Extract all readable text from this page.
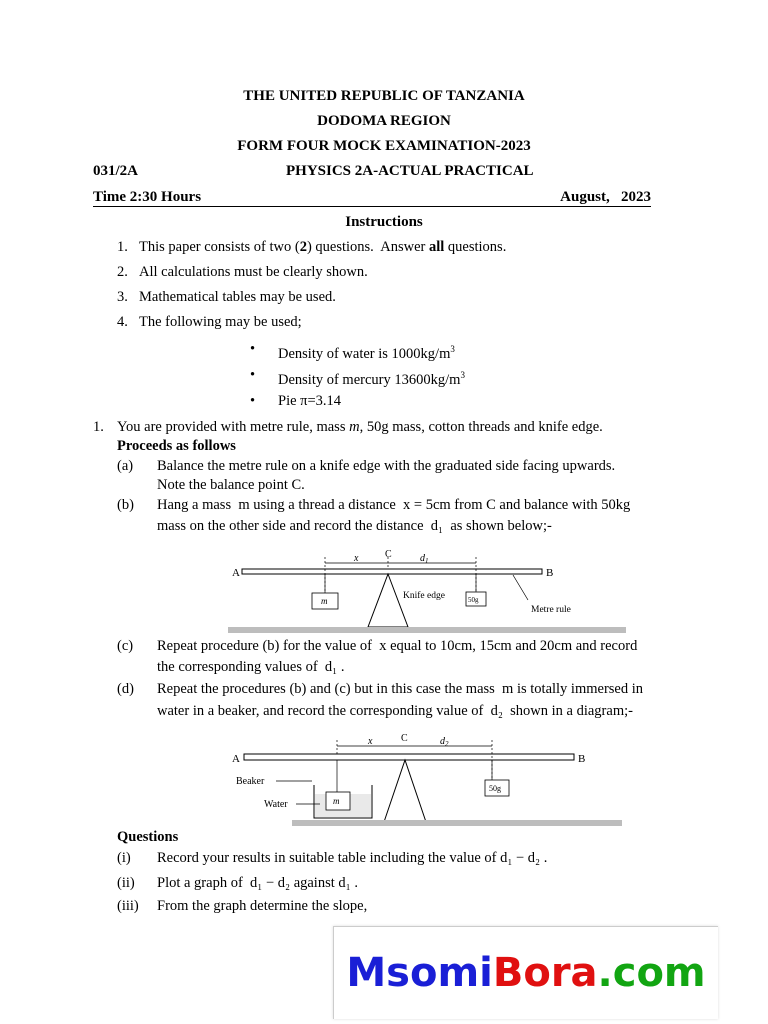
THE UNITED REPUBLIC OF TANZANIA
DODOMA REGION
FORM FOUR MOCK EXAMINATION-2023
031/2A	PHYSICS 2A-ACTUAL PRACTICAL
Time 2:30 Hours	August,   2023
Instructions
1. This paper consists of two (2) questions.  Answer all questions.
2. All calculations must be clearly shown.
3. Mathematical tables may be used.
4. The following may be used;
• Density of water is $1000kg/m^3$
• Density of mercury $13600kg/m^3$
• Pie π=3.14
1. You are provided with metre rule, mass m, 50g mass, cotton threads and knife edge.
Proceeds as follows
(a) Balance the metre rule on a knife edge with the graduated side facing upwards.
Note the balance point C.
(b) Hang a mass  m using a thread a distance  x = 5cm from C and balance with 50kg
mass on the other side and record the distance  d₁  as shown below;-
A	B
C
x	$d_1$
m	Knife edge	50g
Metre rule
(c) Repeat procedure (b) for the value of  x equal to 10cm, 15cm and 20cm and record
the corresponding values of  d₁ .
(d) Repeat the procedures (b) and (c) but in this case the mass  m is totally immersed in
water in a beaker, and record the corresponding value of  d₂  shown in a diagram;-
A	B
C
x	$d_2$
m
Beaker
Water
50g
Questions
(i) Record your results in suitable table including the value of d₁ − d₂ .
(ii) Plot a graph of  d₁ − d₂ against d₁ .
(iii) From the graph determine the slope,
Msomi Bora .com
